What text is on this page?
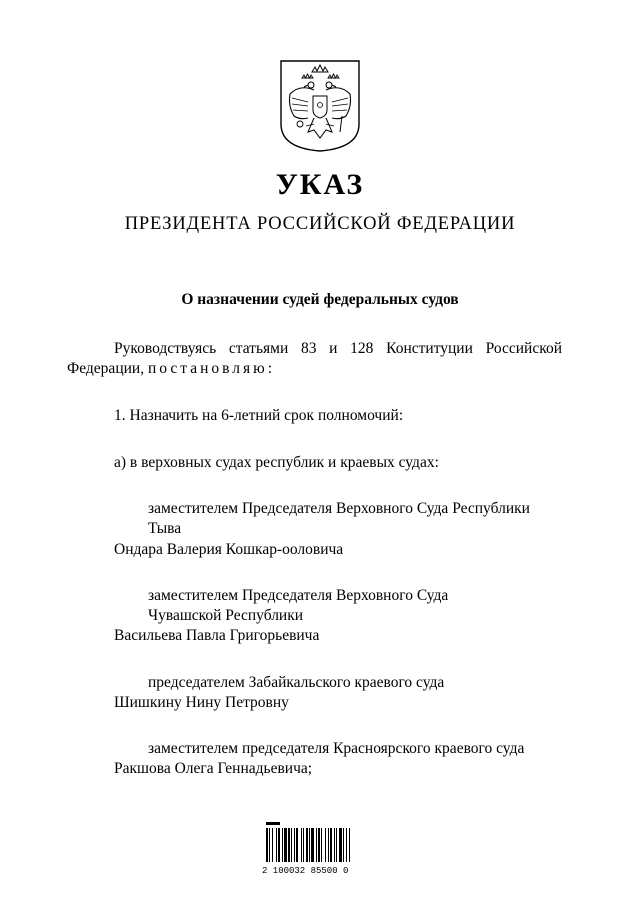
УКАЗ
ПРЕЗИДЕНТА РОССИЙСКОЙ ФЕДЕРАЦИИ
О назначении судей федеральных судов
Руководствуясь статьями 83 и 128 Конституции Российской
Федерации, постановляю:
1. Назначить на 6-летний срок полномочий:
а) в верховных судах республик и краевых судах:
заместителем Председателя Верховного Суда Республики
Тыва
Ондара Валерия Кошкар-ооловича
заместителем Председателя Верховного Суда
Чувашской Республики
Васильева Павла Григорьевича
председателем Забайкальского краевого суда
Шишкину Нину Петровну
заместителем председателя Красноярского краевого суда
Ракшова Олега Геннадьевича;
2 100032 85500 0
